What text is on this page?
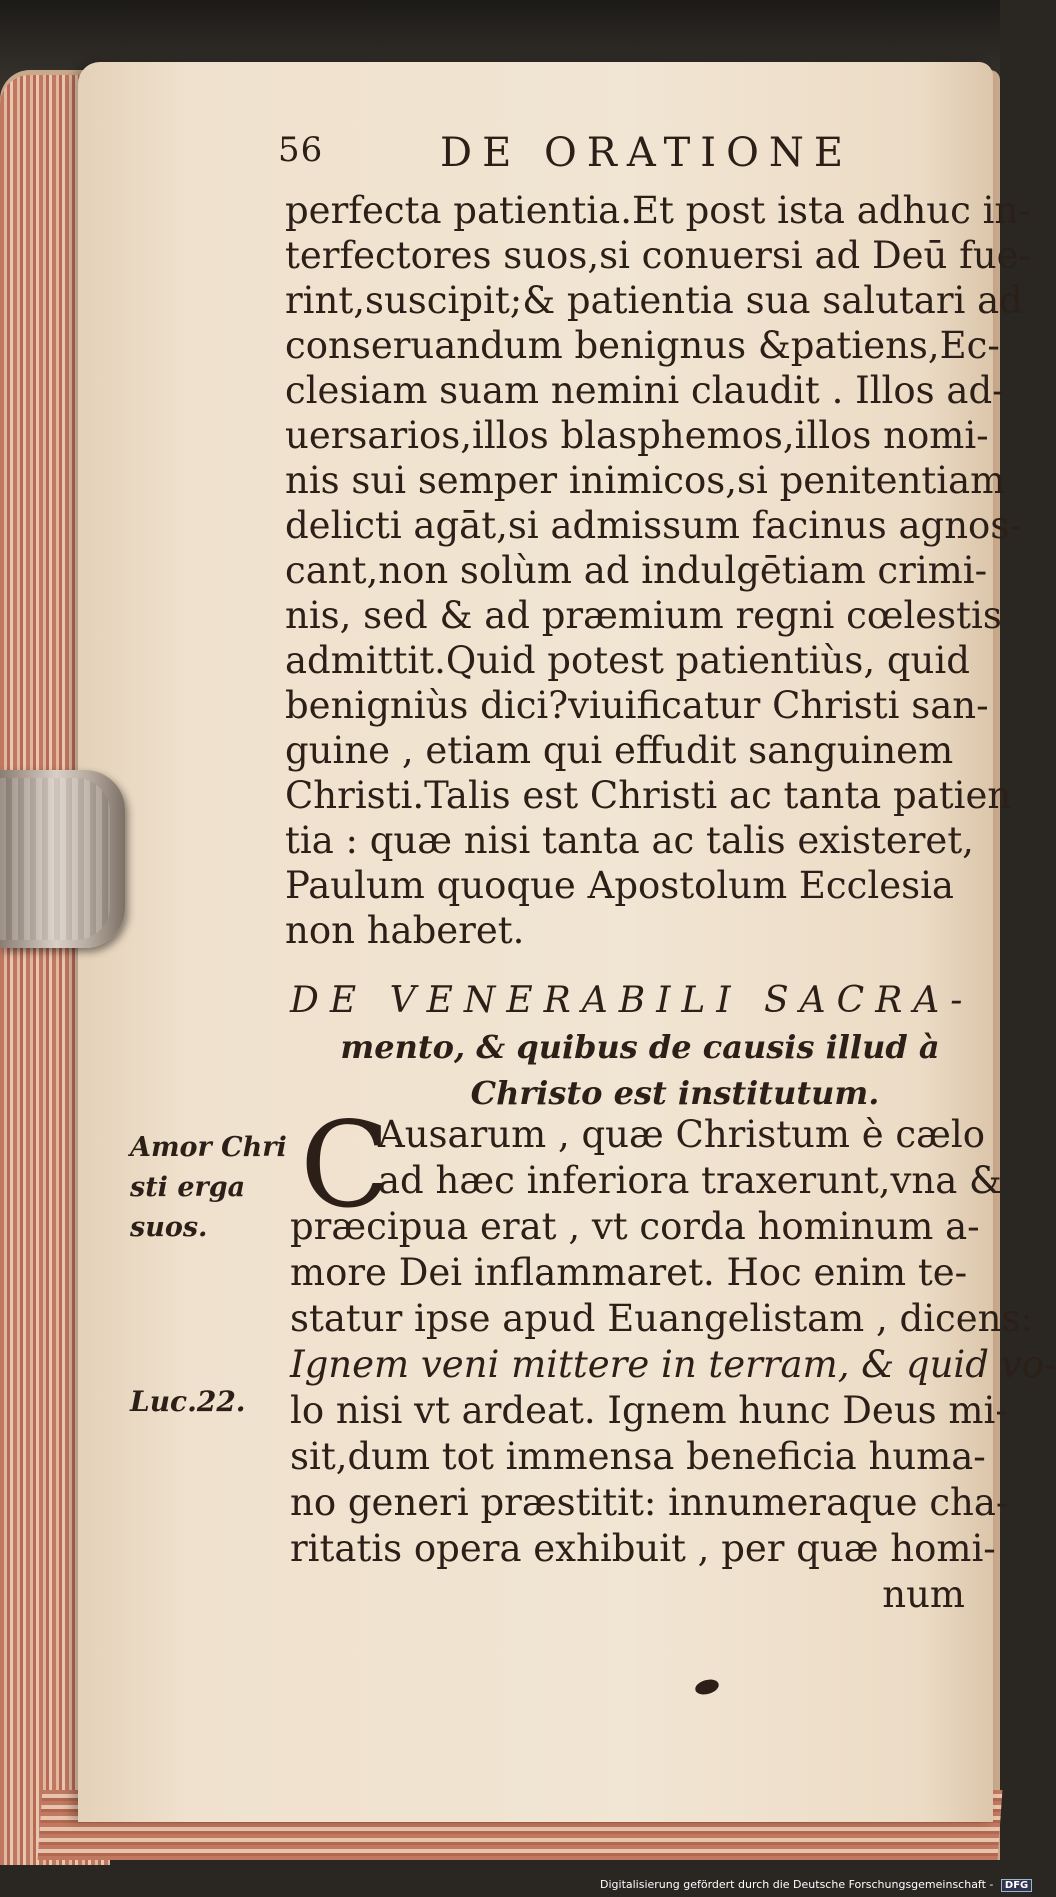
56	DE ORATIONE
perfecta patientia.Et post ista adhuc in-
terfectores suos,si conuersi ad Deū fue-
rint,suscipit;& patientia sua salutari ad
conseruandum benignus &patiens,Ec-
clesiam suam nemini claudit . Illos ad-
uersarios,illos blasphemos,illos nomi-
nis sui semper inimicos,si penitentiam
delicti agāt,si admissum facinus agnos-
cant,non solùm ad indulgētiam crimi-
nis, sed & ad præmium regni cœlestis
admittit.Quid potest patientiùs, quid
benigniùs dici?viuificatur Christi san-
guine , etiam qui effudit sanguinem
Christi.Talis est Christi ac tanta patien
tia : quæ nisi tanta ac talis existeret,
Paulum quoque Apostolum Ecclesia
non haberet.
DE VENERABILI SACRA-
mento, & quibus de causis illud à
Christo est institutum.
C
Ausarum , quæ Christum è cælo
ad hæc inferiora traxerunt,vna &
præcipua erat , vt corda hominum a-
more Dei inflammaret. Hoc enim te-
statur ipse apud Euangelistam , dicens:
Ignem veni mittere in terram, & quid vo-
lo nisi vt ardeat. Ignem hunc Deus mi-
sit,dum tot immensa beneficia huma-
no generi præstitit: innumeraque cha-
ritatis opera exhibuit , per quæ homi-
num
Amor Chri
sti erga
suos.
Luc.22.
Digitalisierung gefördert durch die Deutsche Forschungsgemeinschaft - DFG
